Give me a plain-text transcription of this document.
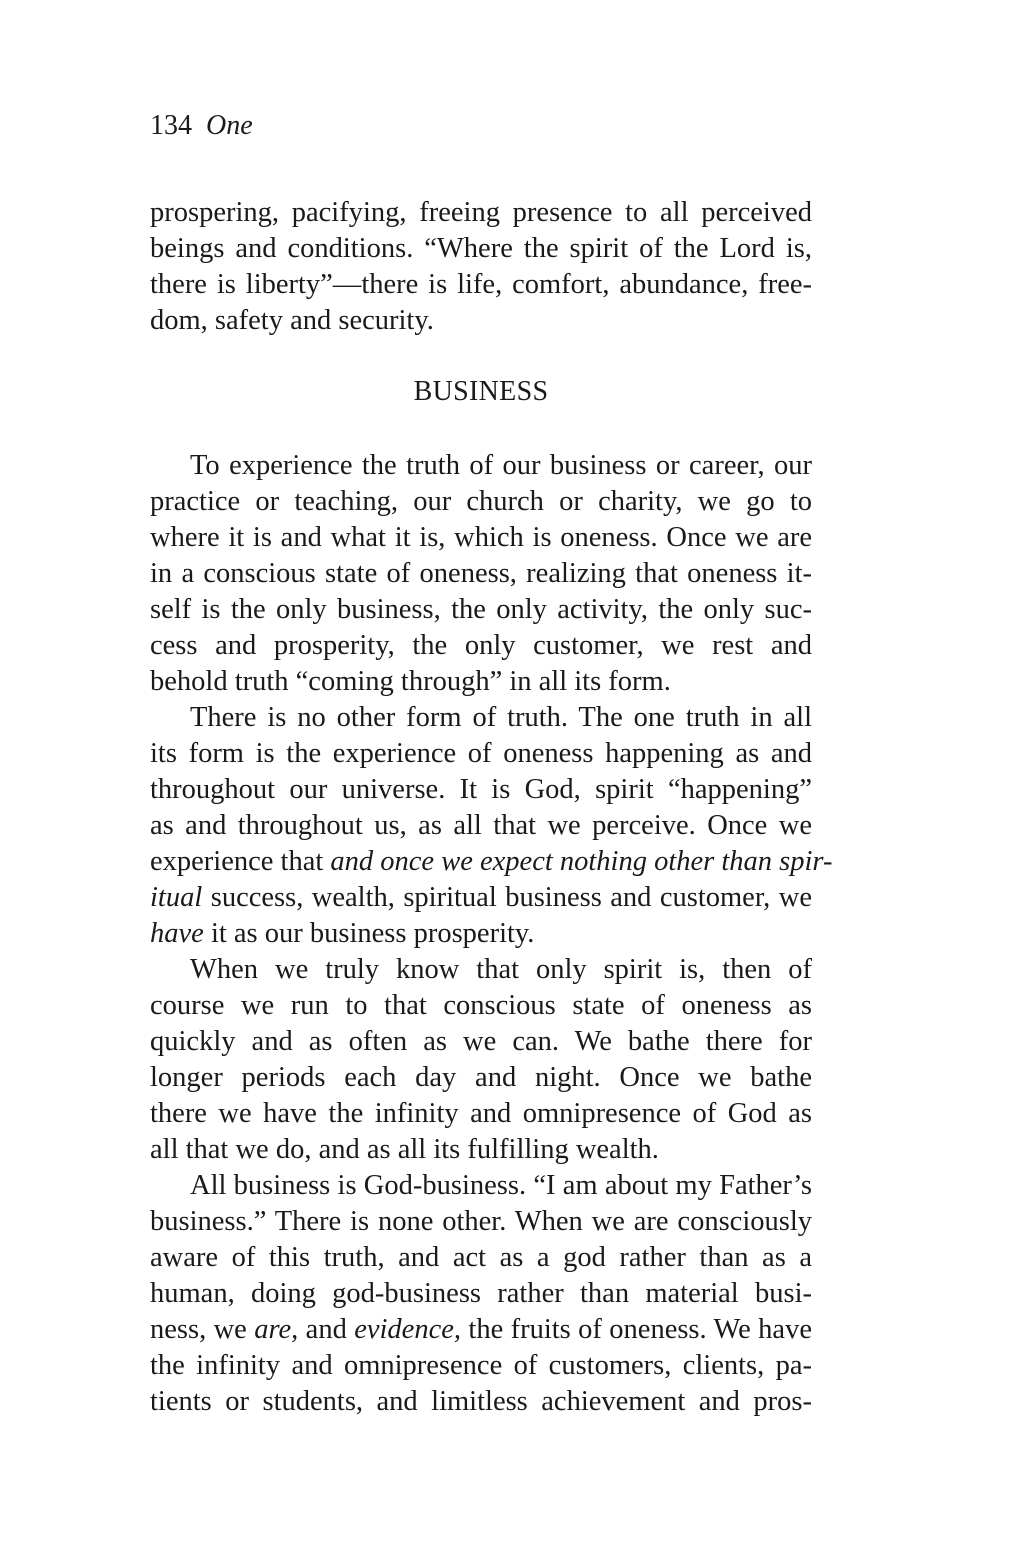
134 One
prospering, pacifying, freeing presence to all perceived
beings and conditions. “Where the spirit of the Lord is,
there is liberty”—there is life, comfort, abundance, free-
dom, safety and security.
BUSINESS
To experience the truth of our business or career, our
practice or teaching, our church or charity, we go to
where it is and what it is, which is oneness. Once we are
in a conscious state of oneness, realizing that oneness it-
self is the only business, the only activity, the only suc-
cess and prosperity, the only customer, we rest and
behold truth “coming through” in all its form.
There is no other form of truth. The one truth in all
its form is the experience of oneness happening as and
throughout our universe. It is God, spirit “happening”
as and throughout us, as all that we perceive. Once we
experience that and once we expect nothing other than spir-
itual success, wealth, spiritual business and customer, we
have it as our business prosperity.
When we truly know that only spirit is, then of
course we run to that conscious state of oneness as
quickly and as often as we can. We bathe there for
longer periods each day and night. Once we bathe
there we have the infinity and omnipresence of God as
all that we do, and as all its fulfilling wealth.
All business is God-business. “I am about my Father’s
business.” There is none other. When we are consciously
aware of this truth, and act as a god rather than as a
human, doing god-business rather than material busi-
ness, we are, and evidence, the fruits of oneness. We have
the infinity and omnipresence of customers, clients, pa-
tients or students, and limitless achievement and pros-
